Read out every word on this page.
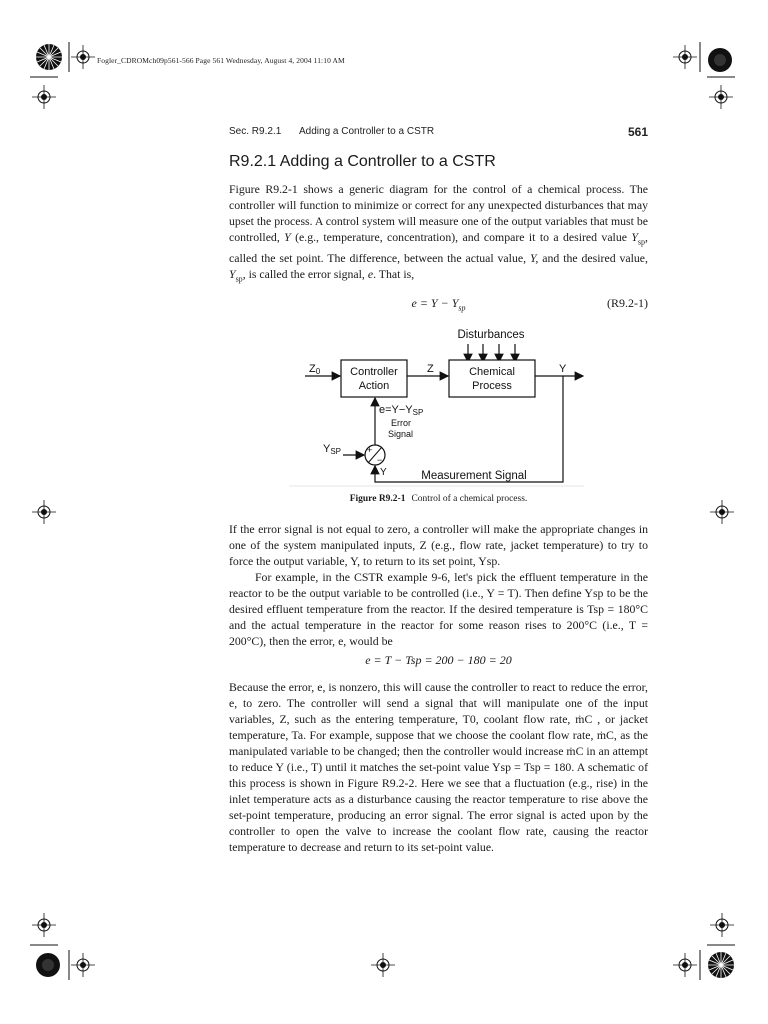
Fogler_CDROMch09p561-566 Page 561 Wednesday, August 4, 2004 11:10 AM
Sec. R9.2.1 Adding a Controller to a CSTR	561
R9.2.1 Adding a Controller to a CSTR

Figure R9.2-1 shows a generic diagram for the control of a chemical process. The controller will function to minimize or correct for any unexpected disturbances that may upset the process. A control system will measure one of the output variables that must be controlled, Y (e.g., temperature, concentration), and compare it to a desired value $Y_{sp}$, called the set point. The difference, between the actual value, Y, and the desired value, $Y_{sp}$, is called the error signal, e. That is,

$e = Y - Y_{sp}$	(R9.2-1)
Disturbances
Z0	Controller
Action
Z	Chemical
Process
Y
Measurement Signal
Y
+
−
e=Y−YSP
Error
Signal
YSP
Figure R9.2-1 Control of a chemical process.

If the error signal is not equal to zero, a controller will make the appropriate changes in one of the system manipulated inputs, Z (e.g., flow rate, jacket temperature) to try to force the output variable, Y, to return to its set point, Ysp.

For example, in the CSTR example 9-6, let's pick the effluent temperature in the reactor to be the output variable to be controlled (i.e., Y = T). Then define Ysp to be the desired effluent temperature from the reactor. If the desired temperature is Tsp = 180°C and the actual temperature in the reactor for some reason rises to 200°C (i.e., T = 200°C), then the error, e, would be

e = T − Tsp = 200 − 180 = 20

Because the error, e, is nonzero, this will cause the controller to react to reduce the error, e, to zero. The controller will send a signal that will manipulate one of the input variables, Z, such as the entering temperature, T0, coolant flow rate, ṁC , or jacket temperature, Ta. For example, suppose that we choose the coolant flow rate, ṁC, as the manipulated variable to be changed; then the controller would increase ṁC in an attempt to reduce Y (i.e., T) until it matches the set-point value Ysp = Tsp = 180. A schematic of this process is shown in Figure R9.2-2. Here we see that a fluctuation (e.g., rise) in the inlet temperature acts as a disturbance causing the reactor temperature to rise above the set-point temperature, producing an error signal. The error signal is acted upon by the controller to open the valve to increase the coolant flow rate, causing the reactor temperature to decrease and return to its set-point value.
